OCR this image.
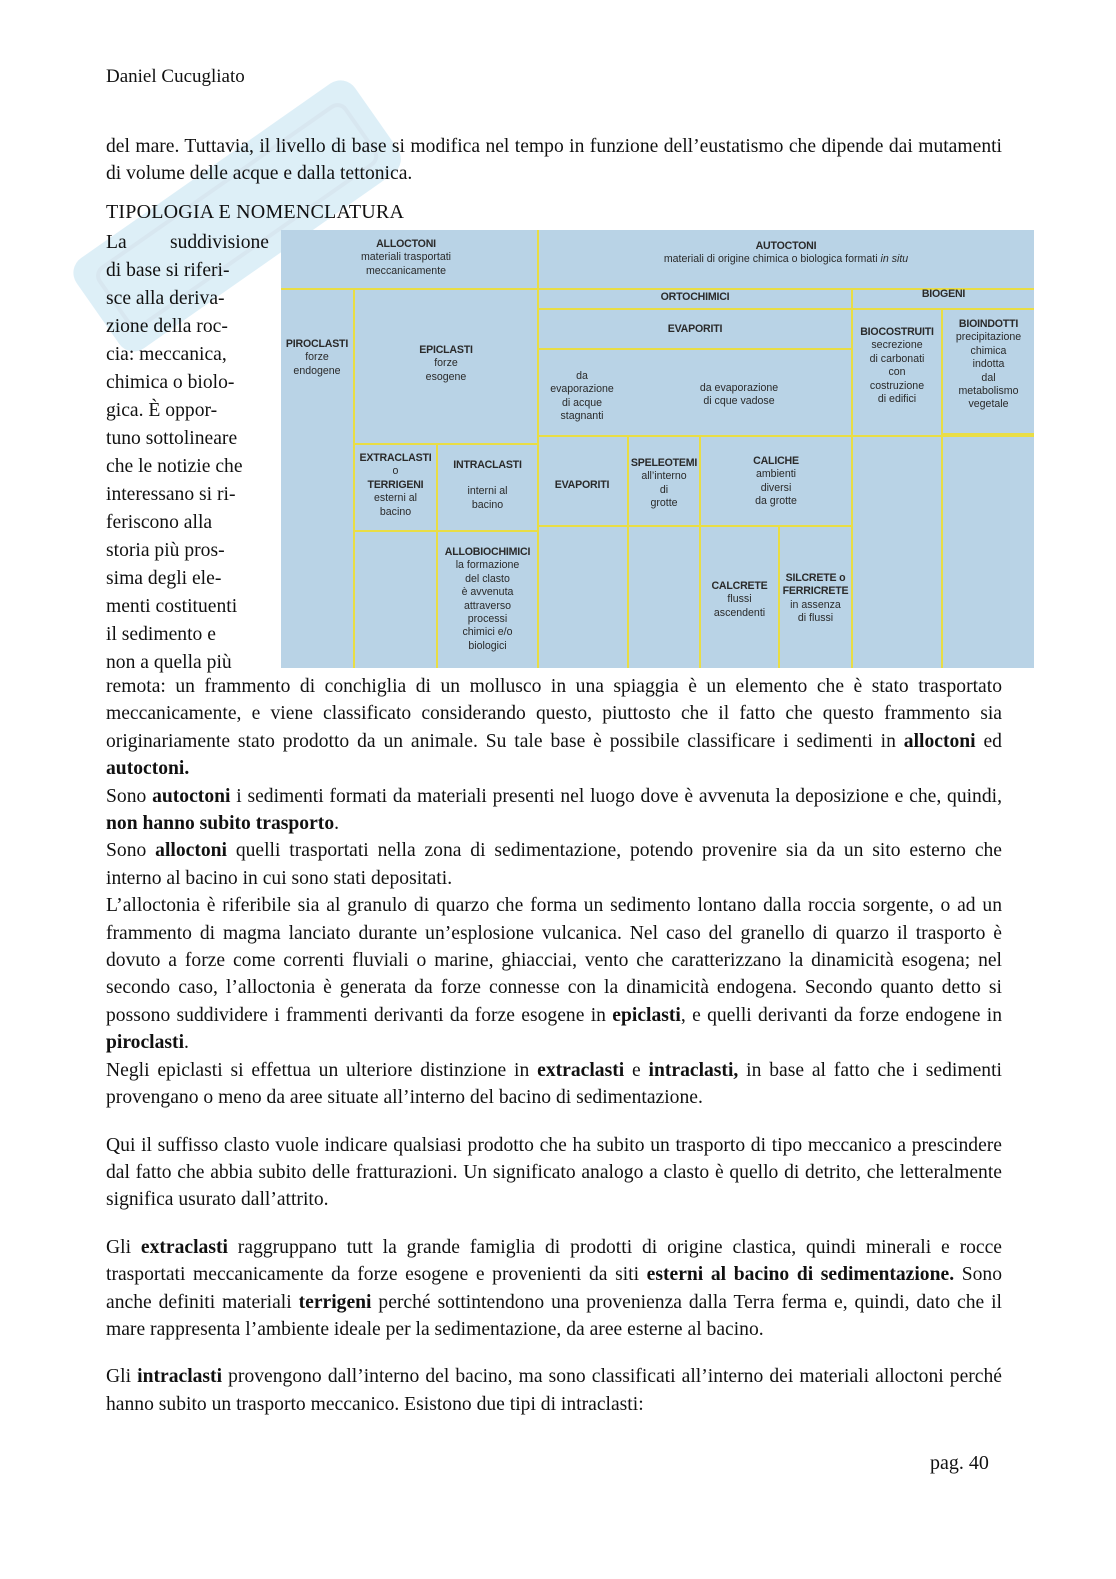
Daniel Cucugliato

del mare. Tuttavia, il livello di base si modifica nel tempo in funzione dell’eustatismo che dipende dai mutamenti di volume delle acque e dalla tettonica.

TIPOLOGIA E NOMENCLATURA

La	suddivisione

di base si riferi-

sce alla deriva-

zione della roc-

cia: meccanica,

chimica o biolo-

gica. È oppor-

tuno sottolineare

che le notizie che

interessano si ri-

feriscono alla

storia più pros-

sima degli ele-

menti costituenti

il sedimento e

non a quella più

ALLOCTONI
materiali trasportati
meccanicamente
AUTOCTONI
materiali di origine chimica o biologica formati in situ
ORTOCHIMICI	BIOGENI
PIROCLASTI
forze
endogene
EPICLASTI
forze
esogene
EVAPORITI
da
evaporazione
di acque
stagnanti
da evaporazione
di cque vadose
BIOCOSTRUITI
secrezione
di carbonati
con
costruzione
di edifici
BIOINDOTTI
precipitazione
chimica
indotta
dal
metabolismo
vegetale
EXTRACLASTI
o
TERRIGENI
esterni al
bacino
INTRACLASTI
interni al
bacino
EVAPORITI
SPELEOTEMI
all’interno
di
grotte
CALICHE
ambienti
diversi
da grotte
ALLOBIOCHIMICI
la formazione
del clasto
è avvenuta
attraverso
processi
chimici e/o
biologici
CALCRETE
flussi
ascendenti
SILCRETE o
FERRICRETE
in assenza
di flussi

remota: un frammento di conchiglia di un mollusco in una spiaggia è un elemento che è stato trasportato meccanicamente, e viene classificato considerando questo, piuttosto che il fatto che questo frammento sia originariamente stato prodotto da un animale. Su tale base è possibile classificare i sedimenti in alloctoni ed autoctoni.

Sono autoctoni i sedimenti formati da materiali presenti nel luogo dove è avvenuta la deposizione e che, quindi, non hanno subito trasporto.

Sono alloctoni quelli trasportati nella zona di sedimentazione, potendo provenire sia da un sito esterno che interno al bacino in cui sono stati depositati.

L’alloctonia è riferibile sia al granulo di quarzo che forma un sedimento lontano dalla roccia sorgente, o ad un frammento di magma lanciato durante un’esplosione vulcanica. Nel caso del granello di quarzo il trasporto è dovuto a forze come correnti fluviali o marine, ghiacciai, vento che caratterizzano la dinamicità esogena; nel secondo caso, l’alloctonia è generata da forze connesse con la dinamicità endogena. Secondo quanto detto si possono suddividere i frammenti derivanti da forze esogene in epiclasti, e quelli derivanti da forze endogene in piroclasti.

Negli epiclasti si effettua un ulteriore distinzione in extraclasti e intraclasti, in base al fatto che i sedimenti provengano o meno da aree situate all’interno del bacino di sedimentazione.

Qui il suffisso clasto vuole indicare qualsiasi prodotto che ha subito un trasporto di tipo meccanico a prescindere dal fatto che abbia subito delle fratturazioni. Un significato analogo a clasto è quello di detrito, che letteralmente significa usurato dall’attrito.

Gli extraclasti raggruppano tutt la grande famiglia di prodotti di origine clastica, quindi minerali e rocce trasportati meccanicamente da forze esogene e provenienti da siti esterni al bacino di sedimentazione. Sono anche definiti materiali terrigeni perché sottintendono una provenienza dalla Terra ferma e, quindi, dato che il mare rappresenta l’ambiente ideale per la sedimentazione, da aree esterne al bacino.

Gli intraclasti provengono dall’interno del bacino, ma sono classificati all’interno dei materiali alloctoni perché hanno subito un trasporto meccanico. Esistono due tipi di intraclasti:

pag. 40
